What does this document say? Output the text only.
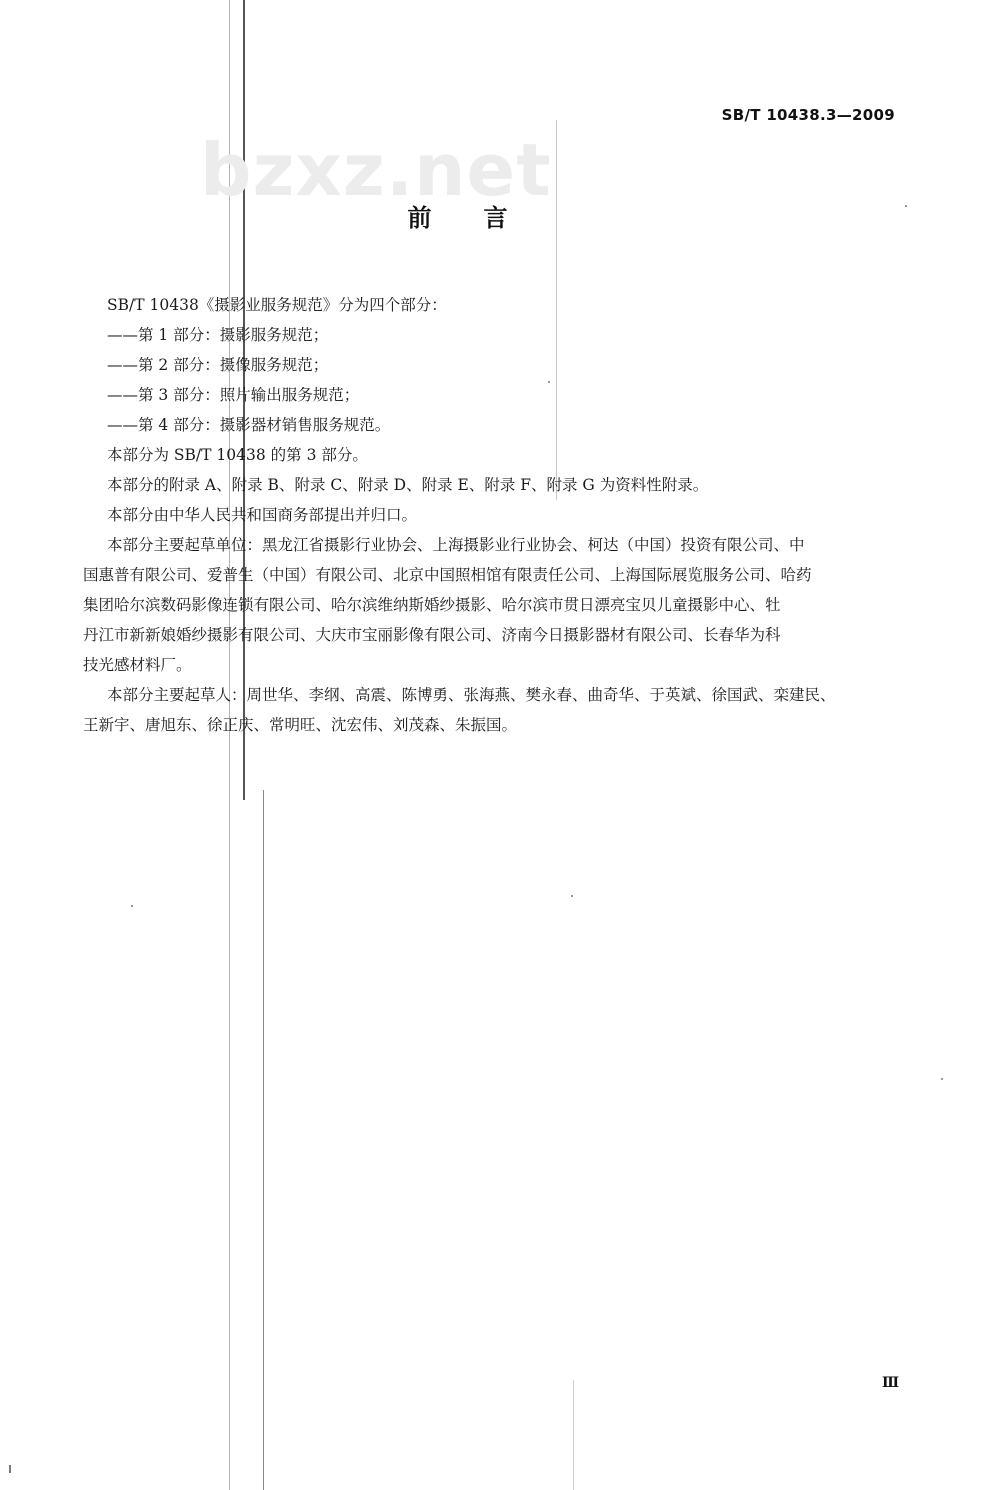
bzxz.net
SB/T 10438.3—2009
前言

SB/T 10438《摄影业服务规范》分为四个部分：

——第 1 部分：摄影服务规范；

——第 2 部分：摄像服务规范；

——第 3 部分：照片输出服务规范；

——第 4 部分：摄影器材销售服务规范。

本部分为 SB/T 10438 的第 3 部分。

本部分的附录 A、附录 B、附录 C、附录 D、附录 E、附录 F、附录 G 为资料性附录。

本部分由中华人民共和国商务部提出并归口。

本部分主要起草单位：黑龙江省摄影行业协会、上海摄影业行业协会、柯达（中国）投资有限公司、中

国惠普有限公司、爱普生（中国）有限公司、北京中国照相馆有限责任公司、上海国际展览服务公司、哈药

集团哈尔滨数码影像连锁有限公司、哈尔滨维纳斯婚纱摄影、哈尔滨市贯日漂亮宝贝儿童摄影中心、牡

丹江市新新娘婚纱摄影有限公司、大庆市宝丽影像有限公司、济南今日摄影器材有限公司、长春华为科

技光感材料厂。

本部分主要起草人：周世华、李纲、高震、陈博勇、张海燕、樊永春、曲奇华、于英斌、徐国武、栾建民、

王新宇、唐旭东、徐正庆、常明旺、沈宏伟、刘茂森、朱振国。

Ⅲ
